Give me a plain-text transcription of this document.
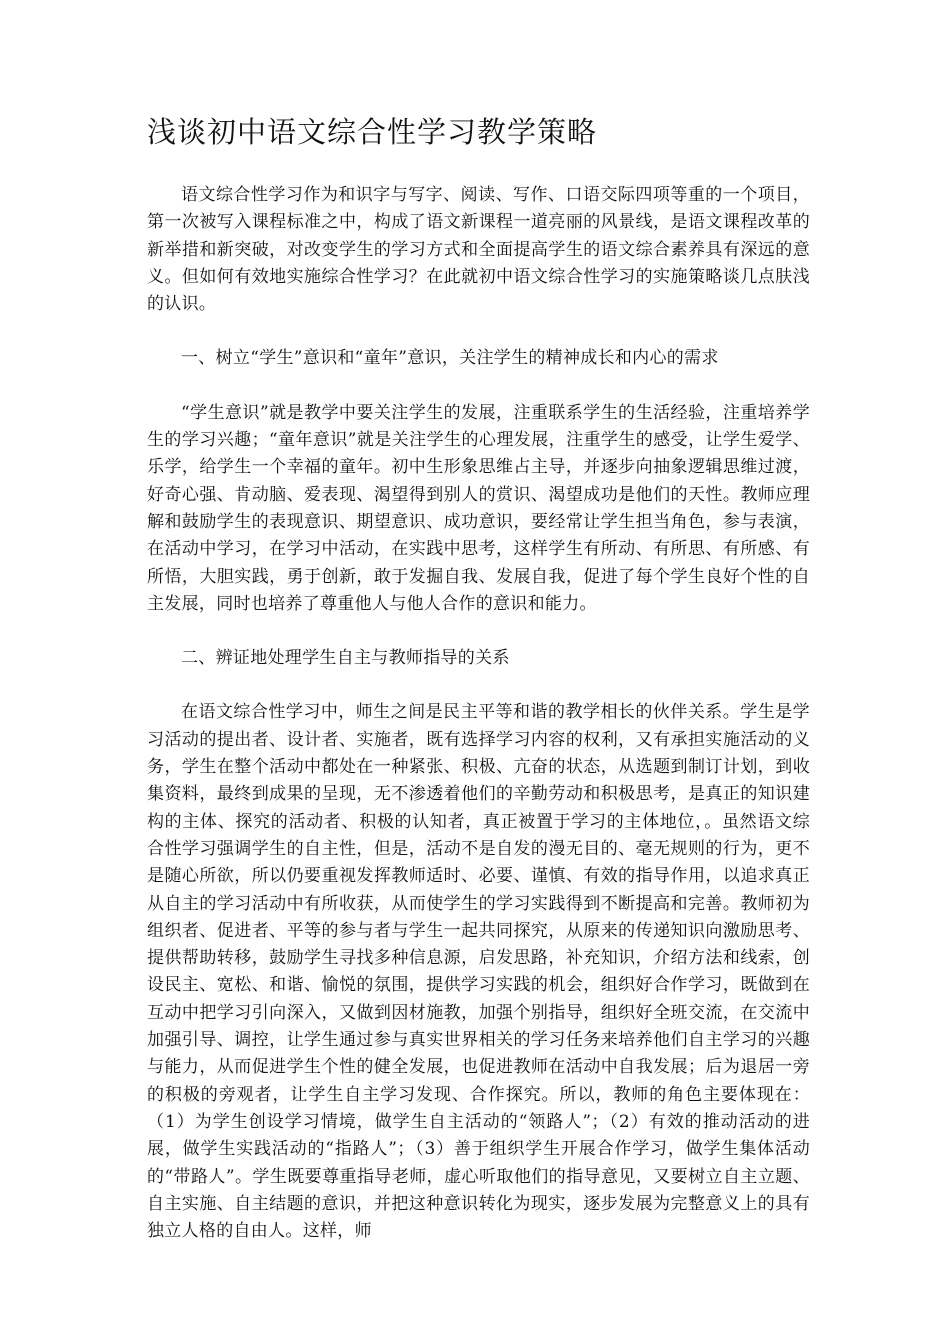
浅谈初中语文综合性学习教学策略

语文综合性学习作为和识字与写字、阅读、写作、口语交际四项等重的一个项目，第一次被写入课程标准之中，构成了语文新课程一道亮丽的风景线，是语文课程改革的新举措和新突破，对改变学生的学习方式和全面提高学生的语文综合素养具有深远的意义。但如何有效地实施综合性学习？在此就初中语文综合性学习的实施策略谈几点肤浅的认识。

一、树立“学生”意识和“童年”意识，关注学生的精神成长和内心的需求

“学生意识”就是教学中要关注学生的发展，注重联系学生的生活经验，注重培养学生的学习兴趣；“童年意识”就是关注学生的心理发展，注重学生的感受，让学生爱学、乐学，给学生一个幸福的童年。初中生形象思维占主导，并逐步向抽象逻辑思维过渡，好奇心强、肯动脑、爱表现、渴望得到别人的赏识、渴望成功是他们的天性。教师应理解和鼓励学生的表现意识、期望意识、成功意识，要经常让学生担当角色，参与表演，在活动中学习，在学习中活动，在实践中思考，这样学生有所动、有所思、有所感、有所悟，大胆实践，勇于创新，敢于发掘自我、发展自我，促进了每个学生良好个性的自主发展，同时也培养了尊重他人与他人合作的意识和能力。

二、辨证地处理学生自主与教师指导的关系

在语文综合性学习中，师生之间是民主平等和谐的教学相长的伙伴关系。学生是学习活动的提出者、设计者、实施者，既有选择学习内容的权利，又有承担实施活动的义务，学生在整个活动中都处在一种紧张、积极、亢奋的状态，从选题到制订计划，到收集资料，最终到成果的呈现，无不渗透着他们的辛勤劳动和积极思考，是真正的知识建构的主体、探究的活动者、积极的认知者，真正被置于学习的主体地位，。虽然语文综合性学习强调学生的自主性，但是，活动不是自发的漫无目的、毫无规则的行为，更不是随心所欲，所以仍要重视发挥教师适时、必要、谨慎、有效的指导作用，以追求真正从自主的学习活动中有所收获，从而使学生的学习实践得到不断提高和完善。教师初为组织者、促进者、平等的参与者与学生一起共同探究，从原来的传递知识向激励思考、提供帮助转移，鼓励学生寻找多种信息源，启发思路，补充知识，介绍方法和线索，创设民主、宽松、和谐、愉悦的氛围，提供学习实践的机会，组织好合作学习，既做到在互动中把学习引向深入，又做到因材施教，加强个别指导，组织好全班交流，在交流中加强引导、调控，让学生通过参与真实世界相关的学习任务来培养他们自主学习的兴趣与能力，从而促进学生个性的健全发展，也促进教师在活动中自我发展；后为退居一旁的积极的旁观者，让学生自主学习发现、合作探究。所以，教师的角色主要体现在：（1）为学生创设学习情境，做学生自主活动的“领路人”；（2）有效的推动活动的进展，做学生实践活动的“指路人”；（3）善于组织学生开展合作学习，做学生集体活动的“带路人”。学生既要尊重指导老师，虚心听取他们的指导意见，又要树立自主立题、自主实施、自主结题的意识，并把这种意识转化为现实，逐步发展为完整意义上的具有独立人格的自由人。这样，师
